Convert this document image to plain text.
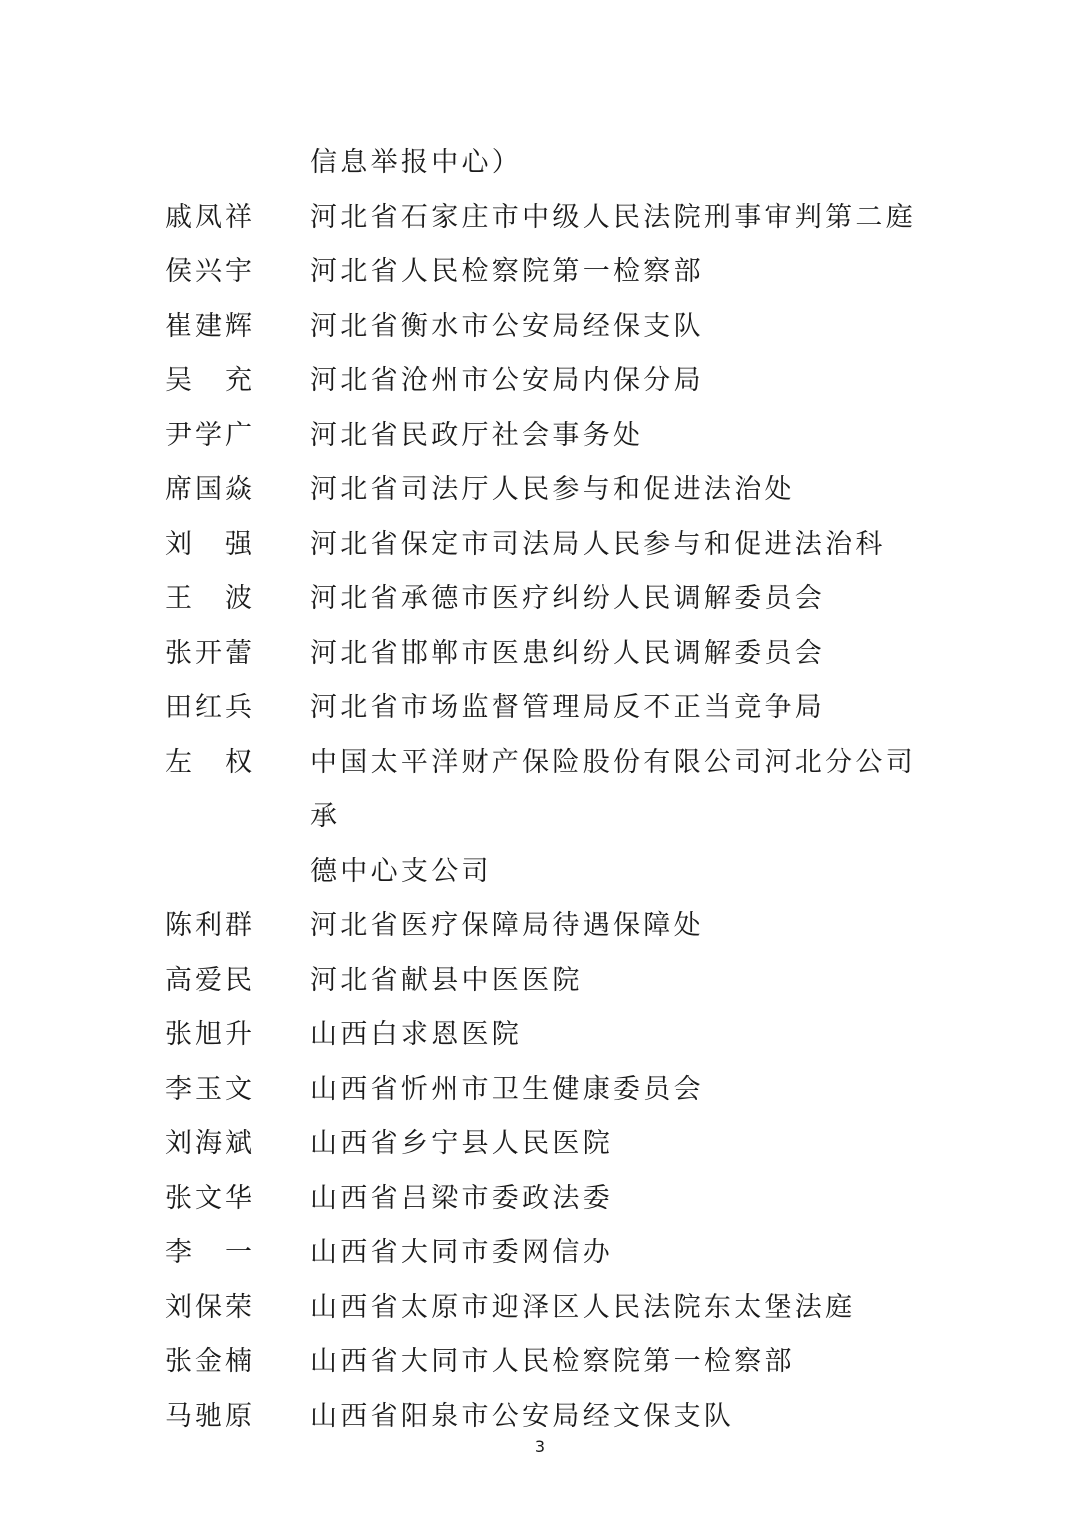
信息举报中心）
戚凤祥	河北省石家庄市中级人民法院刑事审判第二庭
侯兴宇	河北省人民检察院第一检察部
崔建辉	河北省衡水市公安局经保支队
吴　充	河北省沧州市公安局内保分局
尹学广	河北省民政厅社会事务处
席国焱	河北省司法厅人民参与和促进法治处
刘　强	河北省保定市司法局人民参与和促进法治科
王　波	河北省承德市医疗纠纷人民调解委员会
张开蕾	河北省邯郸市医患纠纷人民调解委员会
田红兵	河北省市场监督管理局反不正当竞争局
左　权	中国太平洋财产保险股份有限公司河北分公司承
德中心支公司
陈利群	河北省医疗保障局待遇保障处
高爱民	河北省献县中医医院
张旭升	山西白求恩医院
李玉文	山西省忻州市卫生健康委员会
刘海斌	山西省乡宁县人民医院
张文华	山西省吕梁市委政法委
李　一	山西省大同市委网信办
刘保荣	山西省太原市迎泽区人民法院东太堡法庭
张金楠	山西省大同市人民检察院第一检察部
马驰原	山西省阳泉市公安局经文保支队
3
